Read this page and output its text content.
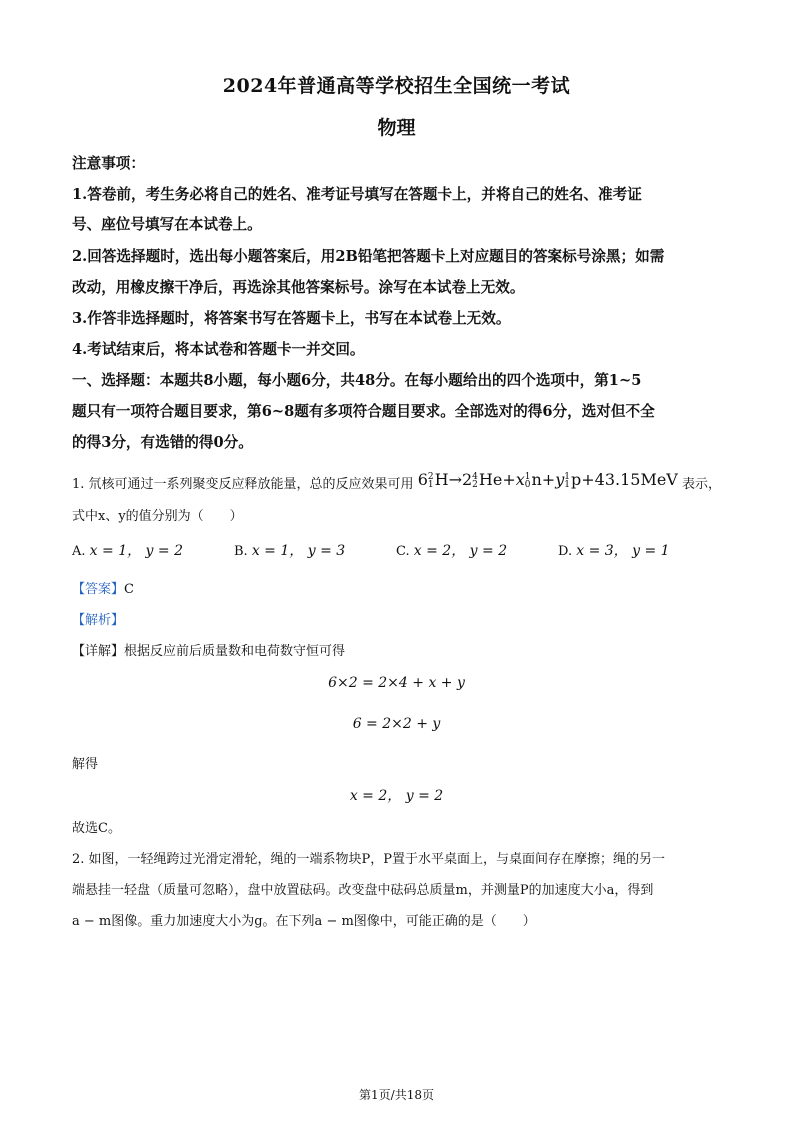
2024年普通高等学校招生全国统一考试
物理
注意事项：
1.答卷前，考生务必将自己的姓名、准考证号填写在答题卡上，并将自己的姓名、准考证
号、座位号填写在本试卷上。
2.回答选择题时，选出每小题答案后，用2B铅笔把答题卡上对应题目的答案标号涂黑；如需
改动，用橡皮擦干净后，再选涂其他答案标号。涂写在本试卷上无效。
3.作答非选择题时，将答案书写在答题卡上，书写在本试卷上无效。
4.考试结束后，将本试卷和答题卡一并交回。
一、选择题：本题共8小题，每小题6分，共48分。在每小题给出的四个选项中，第1~5
题只有一项符合题目要求，第6~8题有多项符合题目要求。全部选对的得6分，选对但不全
的得3分，有选错的得0分。
1. 氘核可通过一系列聚变反应释放能量，总的反应效果可用 62
1H→24
2He+x1
0n+y1
1p+43.15MeV 表示，
式中x、y的值分别为（　　）
A. x = 1， y = 2	B. x = 1， y = 3	C. x = 2， y = 2	D. x = 3， y = 1
【答案】C
【解析】
【详解】根据反应前后质量数和电荷数守恒可得
6×2 = 2×4 + x + y
6 = 2×2 + y
解得
x = 2， y = 2
故选C。
2. 如图，一轻绳跨过光滑定滑轮，绳的一端系物块P，P置于水平桌面上，与桌面间存在摩擦；绳的另一
端悬挂一轻盘（质量可忽略），盘中放置砝码。改变盘中砝码总质量m，并测量P的加速度大小a，得到
a − m图像。重力加速度大小为g。在下列a − m图像中，可能正确的是（　　）
第1页/共18页
